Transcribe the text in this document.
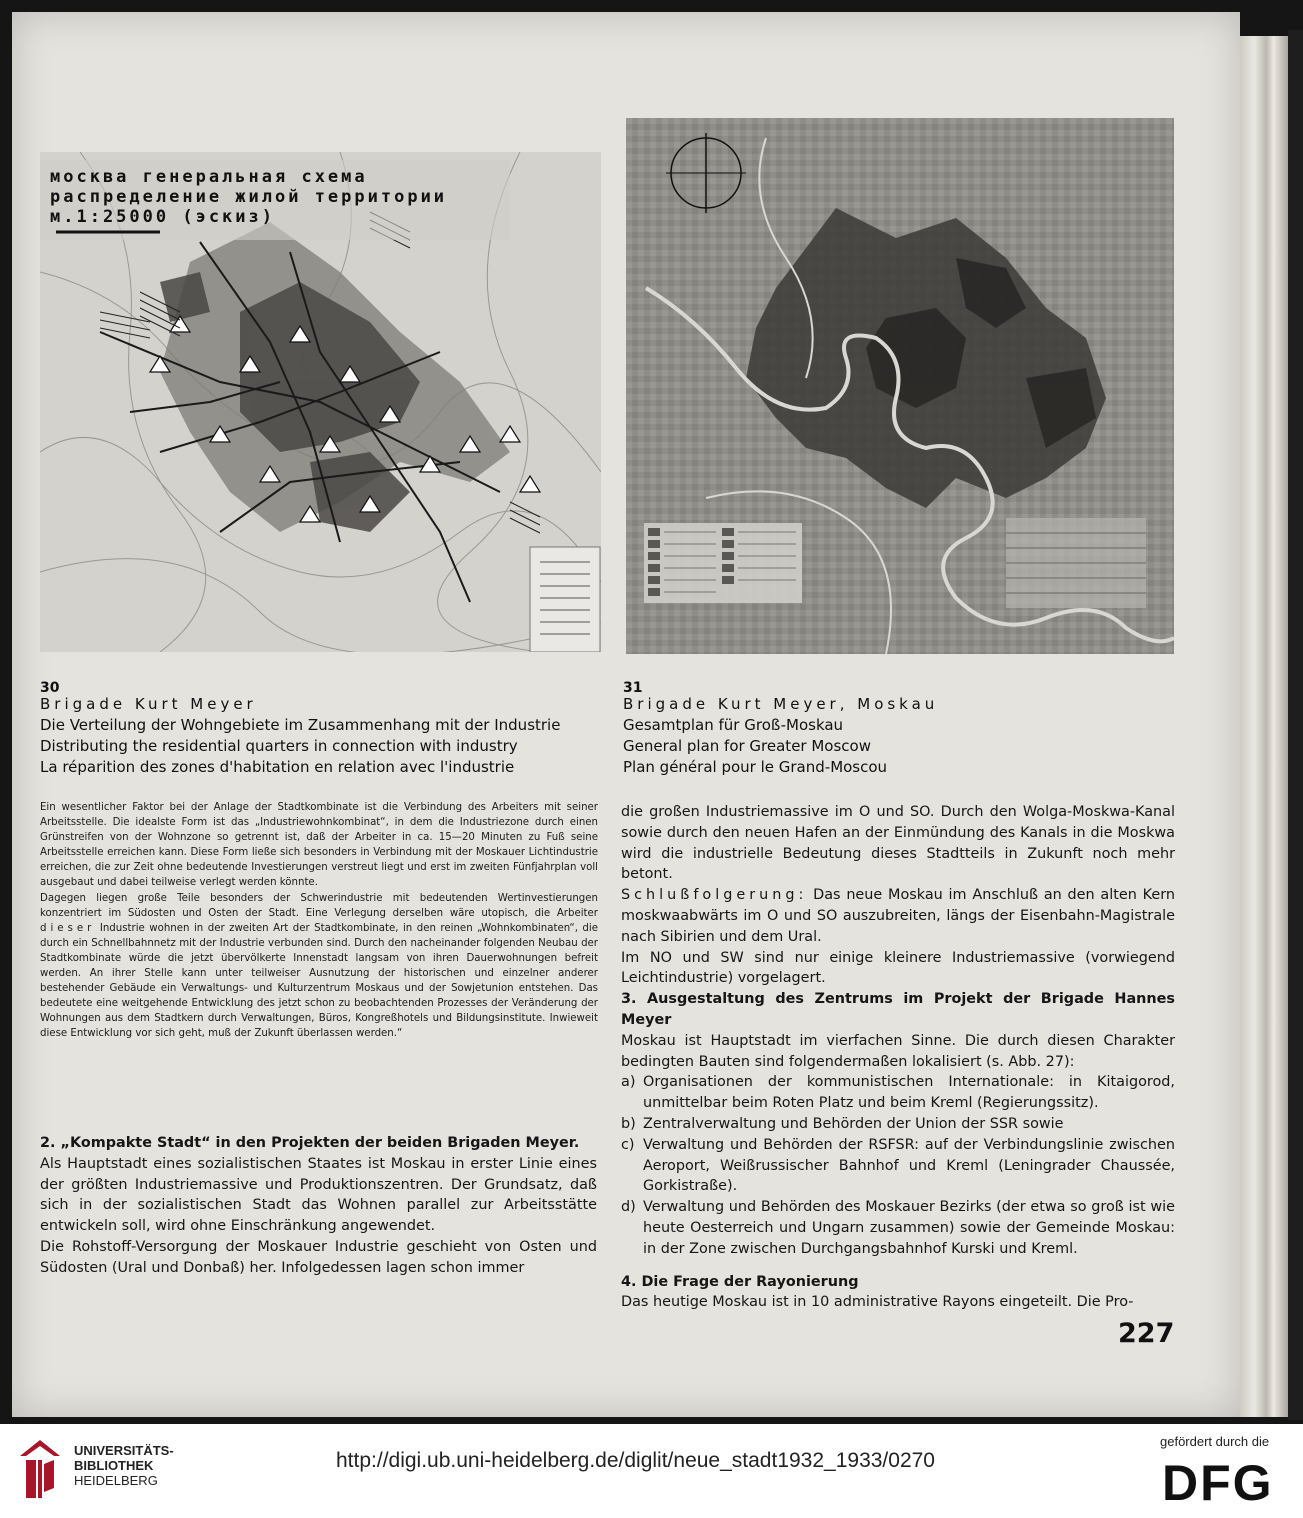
москва генеральная схема
распределение жилой территории
м.1:25000 (эскиз)
30
Brigade Kurt Meyer
Die Verteilung der Wohngebiete im Zusammenhang mit der Industrie
Distributing the residential quarters in connection with industry
La réparition des zones d'habitation en relation avec l'industrie
31
Brigade Kurt Meyer, Moskau
Gesamtplan für Groß-Moskau
General plan for Greater Moscow
Plan général pour le Grand-Moscou

Ein wesentlicher Faktor bei der Anlage der Stadtkombinate ist die Verbindung des Arbeiters mit seiner Arbeitsstelle. Die idealste Form ist das „Industriewohnkombinat“, in dem die Industriezone durch einen Grünstreifen von der Wohnzone so getrennt ist, daß der Arbeiter in ca. 15—20 Minuten zu Fuß seine Arbeitsstelle erreichen kann. Diese Form ließe sich besonders in Verbindung mit der Moskauer Lichtindustrie erreichen, die zur Zeit ohne bedeutende Investierungen verstreut liegt und erst im zweiten Fünfjahrplan voll ausgebaut und dabei teilweise verlegt werden könnte.

Dagegen liegen große Teile besonders der Schwerindustrie mit bedeutenden Wertinvestierungen konzentriert im Südosten und Osten der Stadt. Eine Verlegung derselben wäre utopisch, die Arbeiter dieser Industrie wohnen in der zweiten Art der Stadtkombinate, in den reinen „Wohnkombinaten“, die durch ein Schnellbahnnetz mit der Industrie verbunden sind. Durch den nacheinander folgenden Neubau der Stadtkombinate würde die jetzt übervölkerte Innenstadt langsam von ihren Dauerwohnungen befreit werden. An ihrer Stelle kann unter teilweiser Ausnutzung der historischen und einzelner anderer bestehender Gebäude ein Verwaltungs- und Kulturzentrum Moskaus und der Sowjetunion entstehen. Das bedeutete eine weitgehende Entwicklung des jetzt schon zu beobachtenden Prozesses der Veränderung der Wohnungen aus dem Stadtkern durch Verwaltungen, Büros, Kongreßhotels und Bildungsinstitute. Inwieweit diese Entwicklung vor sich geht, muß der Zukunft überlassen werden.“

2. „Kompakte Stadt“ in den Projekten der beiden Brigaden Meyer.

Als Hauptstadt eines sozialistischen Staates ist Moskau in erster Linie eines der größten Industriemassive und Produktionszentren. Der Grundsatz, daß sich in der sozialistischen Stadt das Wohnen parallel zur Arbeitsstätte entwickeln soll, wird ohne Einschränkung angewendet.

Die Rohstoff-Versorgung der Moskauer Industrie geschieht von Osten und Südosten (Ural und Donbaß) her. Infolgedessen lagen schon immer

die großen Industriemassive im O und SO. Durch den Wolga-Moskwa-Kanal sowie durch den neuen Hafen an der Einmündung des Kanals in die Moskwa wird die industrielle Bedeutung dieses Stadtteils in Zukunft noch mehr betont.

Schlußfolgerung: Das neue Moskau im Anschluß an den alten Kern moskwaabwärts im O und SO auszubreiten, längs der Eisenbahn-Magistrale nach Sibirien und dem Ural.

Im NO und SW sind nur einige kleinere Industriemassive (vorwiegend Leichtindustrie) vorgelagert.

3. Ausgestaltung des Zentrums im Projekt der Brigade Hannes Meyer

Moskau ist Hauptstadt im vierfachen Sinne. Die durch diesen Charakter bedingten Bauten sind folgendermaßen lokalisiert (s. Abb. 27):

a) Organisationen der kommunistischen Internationale: in Kitaigorod, unmittelbar beim Roten Platz und beim Kreml (Regierungssitz).
b) Zentralverwaltung und Behörden der Union der SSR sowie
c) Verwaltung und Behörden der RSFSR: auf der Verbindungslinie zwischen Aeroport, Weißrussischer Bahnhof und Kreml (Leningrader Chaussée, Gorkistraße).
d) Verwaltung und Behörden des Moskauer Bezirks (der etwa so groß ist wie heute Oesterreich und Ungarn zusammen) sowie der Gemeinde Moskau: in der Zone zwischen Durchgangsbahnhof Kurski und Kreml.

4. Die Frage der Rayonierung

Das heutige Moskau ist in 10 administrative Rayons eingeteilt. Die Pro-

227
UNIVERSITÄTS-
BIBLIOTHEK
HEIDELBERG
http://digi.ub.uni-heidelberg.de/diglit/neue_stadt1932_1933/0270
gefördert durch die
DFG
